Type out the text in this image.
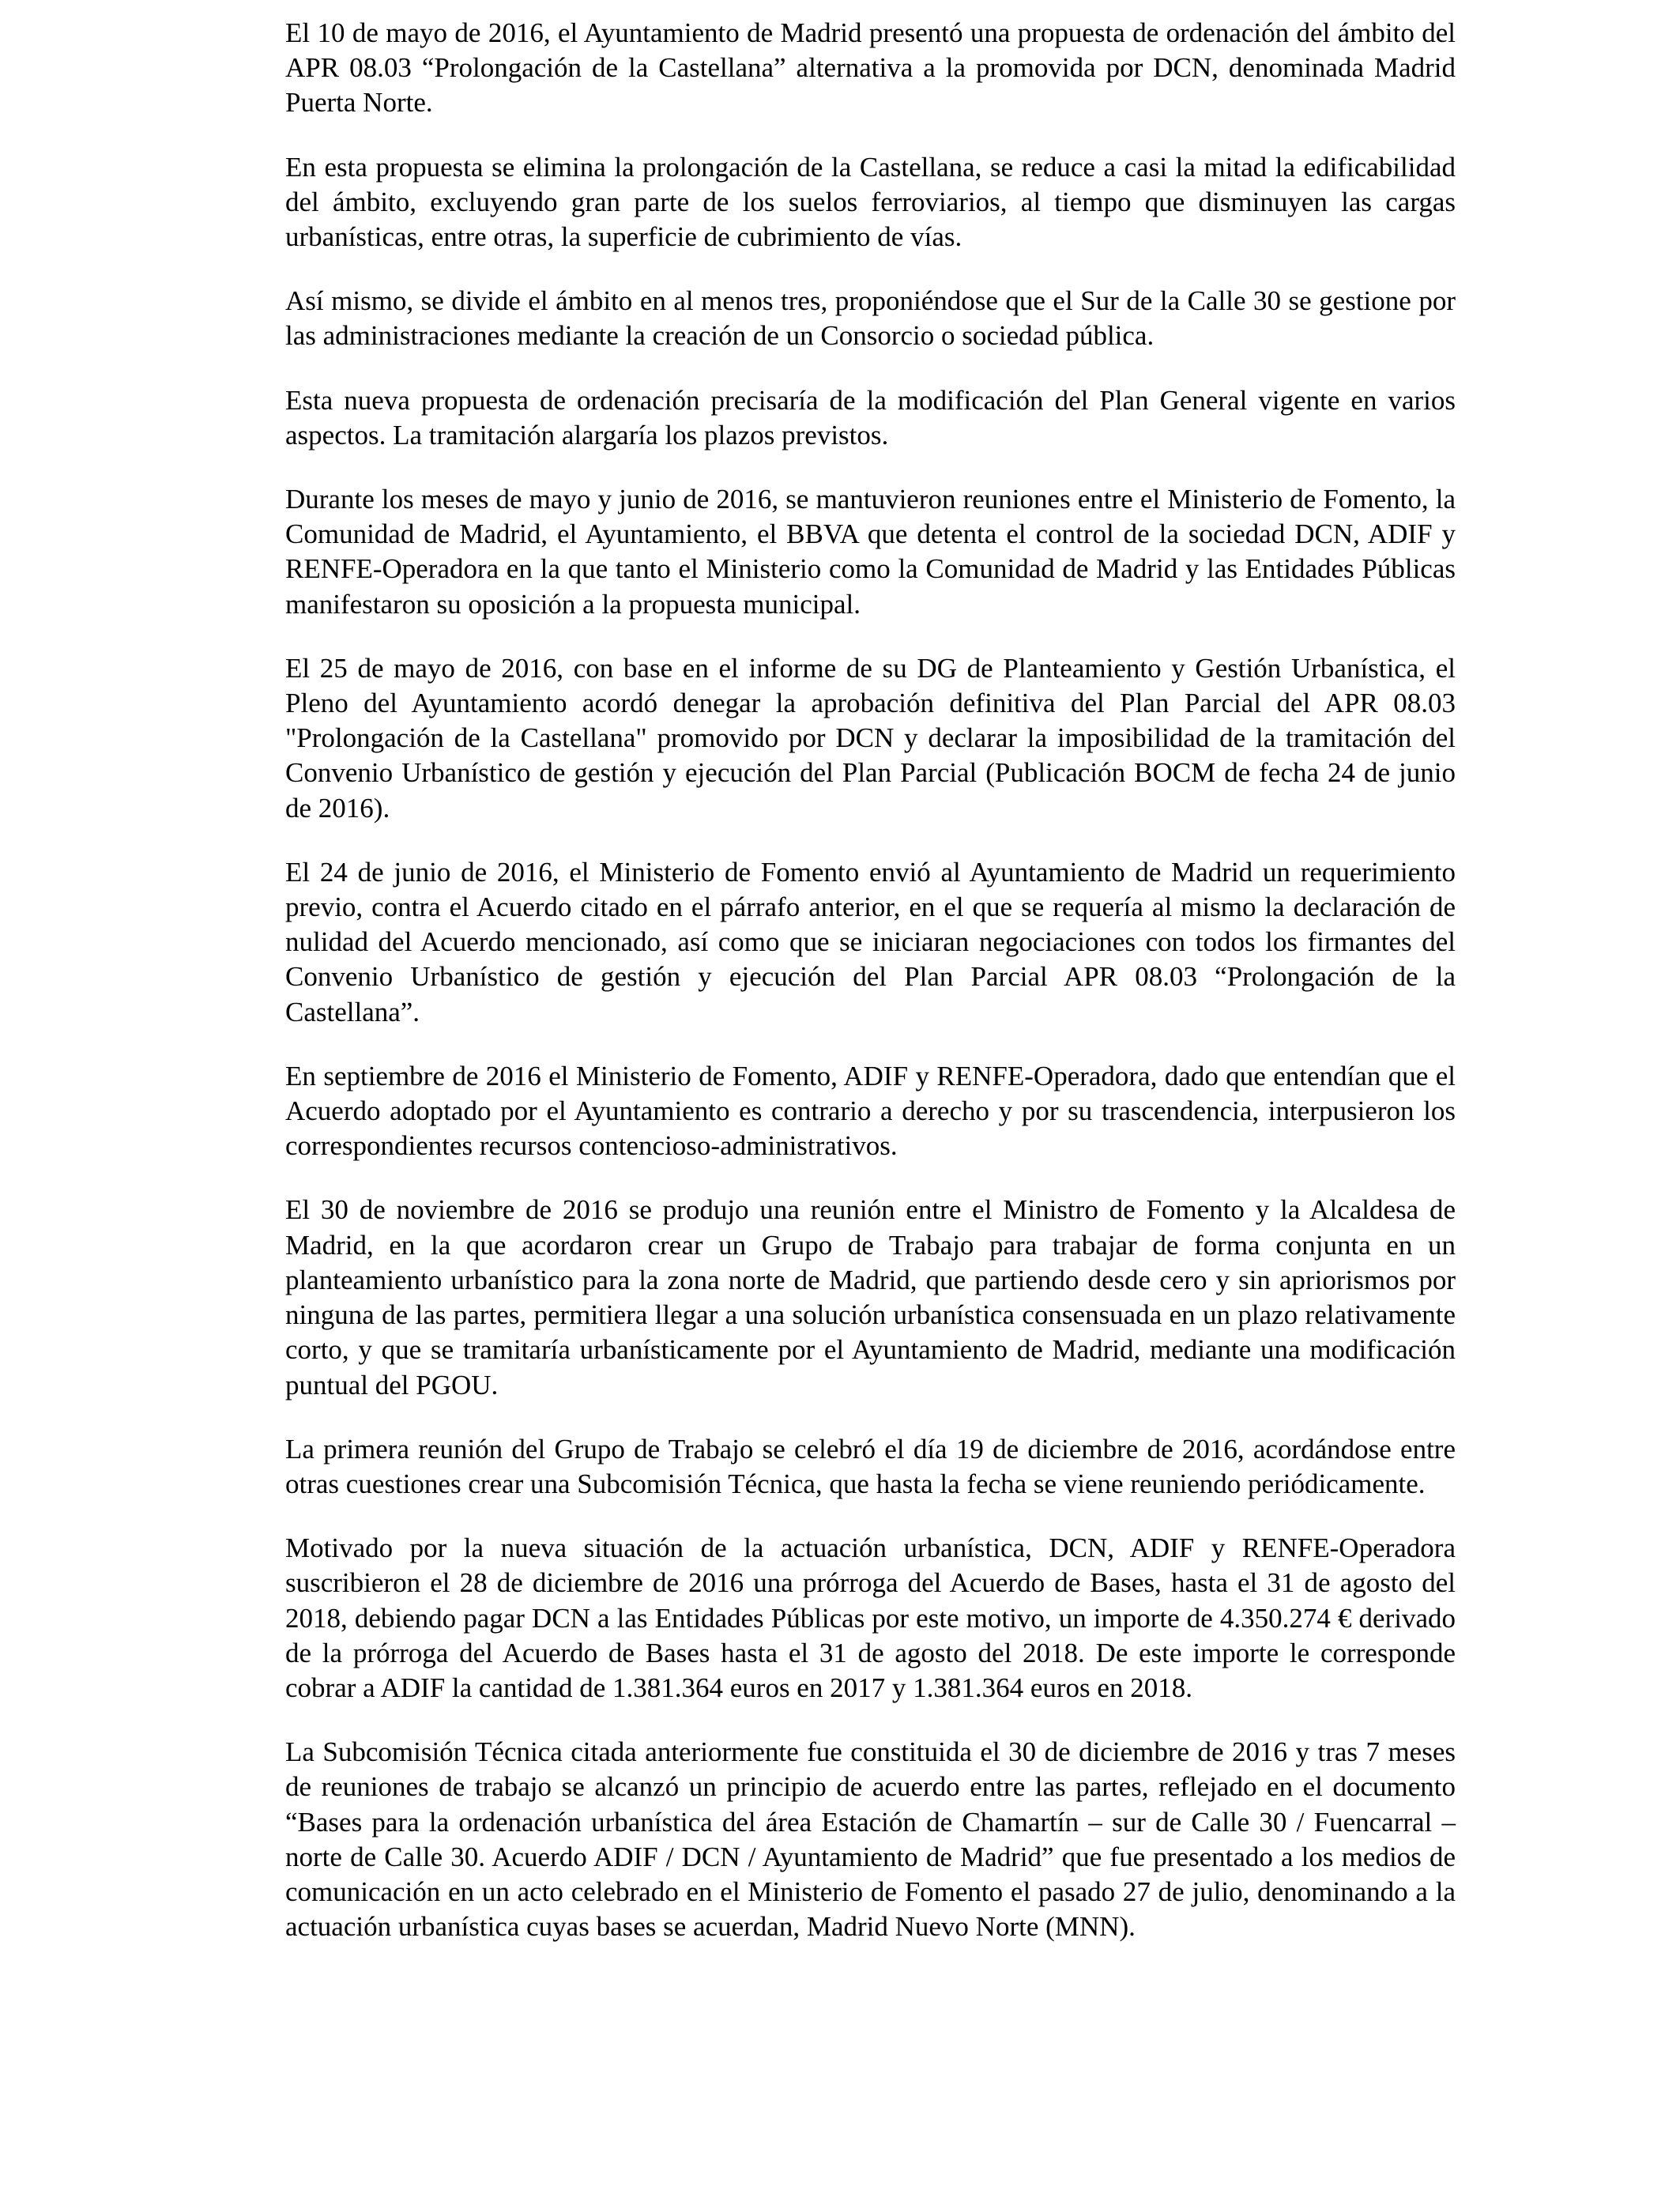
El 10 de mayo de 2016, el Ayuntamiento de Madrid presentó una propuesta de ordenación del ámbito del APR 08.03 “Prolongación de la Castellana” alternativa a la promovida por DCN, denominada Madrid Puerta Norte.

En esta propuesta se elimina la prolongación de la Castellana, se reduce a casi la mitad la edificabilidad del ámbito, excluyendo gran parte de los suelos ferroviarios, al tiempo que disminuyen las cargas urbanísticas, entre otras, la superficie de cubrimiento de vías.

Así mismo, se divide el ámbito en al menos tres, proponiéndose que el Sur de la Calle 30 se gestione por las administraciones mediante la creación de un Consorcio o sociedad pública.

Esta nueva propuesta de ordenación precisaría de la modificación del Plan General vigente en varios aspectos. La tramitación alargaría los plazos previstos.

Durante los meses de mayo y junio de 2016, se mantuvieron reuniones entre el Ministerio de Fomento, la Comunidad de Madrid, el Ayuntamiento, el BBVA que detenta el control de la sociedad DCN, ADIF y RENFE-Operadora en la que tanto el Ministerio como la Comunidad de Madrid y las Entidades Públicas manifestaron su oposición a la propuesta municipal.

El 25 de mayo de 2016, con base en el informe de su DG de Planteamiento y Gestión Urbanística, el Pleno del Ayuntamiento acordó denegar la aprobación definitiva del Plan Parcial del APR 08.03 "Prolongación de la Castellana" promovido por DCN y declarar la imposibilidad de la tramitación del Convenio Urbanístico de gestión y ejecución del Plan Parcial (Publicación BOCM de fecha 24 de junio de 2016).

El 24 de junio de 2016, el Ministerio de Fomento envió al Ayuntamiento de Madrid un requerimiento previo, contra el Acuerdo citado en el párrafo anterior, en el que se requería al mismo la declaración de nulidad del Acuerdo mencionado, así como que se iniciaran negociaciones con todos los firmantes del Convenio Urbanístico de gestión y ejecución del Plan Parcial APR 08.03 “Prolongación de la Castellana”.

En septiembre de 2016 el Ministerio de Fomento, ADIF y RENFE-Operadora, dado que entendían que el Acuerdo adoptado por el Ayuntamiento es contrario a derecho y por su trascendencia, interpusieron los correspondientes recursos contencioso-administrativos.

El 30 de noviembre de 2016 se produjo una reunión entre el Ministro de Fomento y la Alcaldesa de Madrid, en la que acordaron crear un Grupo de Trabajo para trabajar de forma conjunta en un planteamiento urbanístico para la zona norte de Madrid, que partiendo desde cero y sin apriorismos por ninguna de las partes, permitiera llegar a una solución urbanística consensuada en un plazo relativamente corto, y que se tramitaría urbanísticamente por el Ayuntamiento de Madrid, mediante una modificación puntual del PGOU.

La primera reunión del Grupo de Trabajo se celebró el día 19 de diciembre de 2016, acordándose entre otras cuestiones crear una Subcomisión Técnica, que hasta la fecha se viene reuniendo periódicamente.

Motivado por la nueva situación de la actuación urbanística, DCN, ADIF y RENFE-Operadora suscribieron el 28 de diciembre de 2016 una prórroga del Acuerdo de Bases, hasta el 31 de agosto del 2018, debiendo pagar DCN a las Entidades Públicas por este motivo, un importe de 4.350.274 € derivado de la prórroga del Acuerdo de Bases hasta el 31 de agosto del 2018. De este importe le corresponde cobrar a ADIF la cantidad de 1.381.364 euros en 2017 y 1.381.364 euros en 2018.

La Subcomisión Técnica citada anteriormente fue constituida el 30 de diciembre de 2016 y tras 7 meses de reuniones de trabajo se alcanzó un principio de acuerdo entre las partes, reflejado en el documento “Bases para la ordenación urbanística del área Estación de Chamartín – sur de Calle 30 / Fuencarral – norte de Calle 30. Acuerdo ADIF / DCN / Ayuntamiento de Madrid” que fue presentado a los medios de comunicación en un acto celebrado en el Ministerio de Fomento el pasado 27 de julio, denominando a la actuación urbanística cuyas bases se acuerdan, Madrid Nuevo Norte (MNN).
